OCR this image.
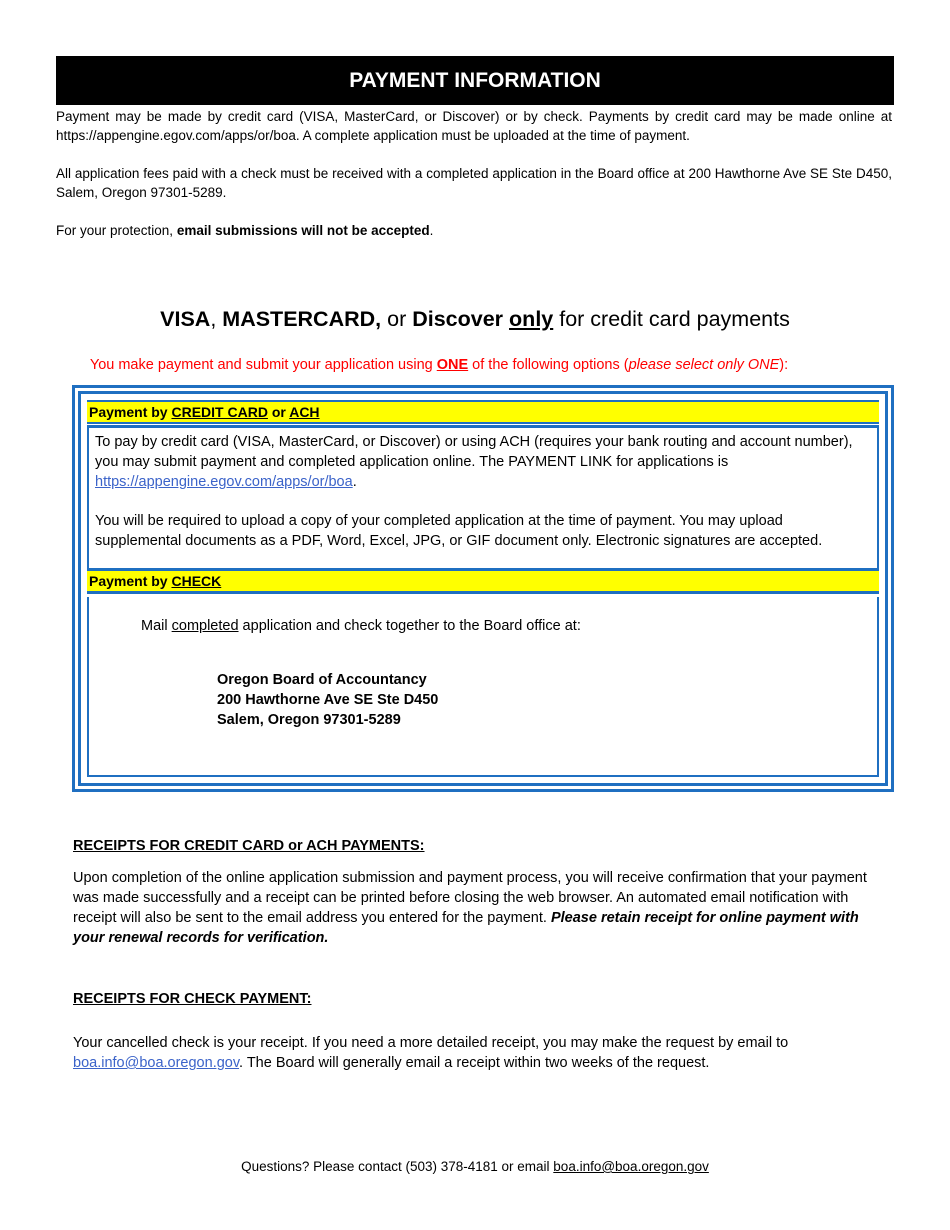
PAYMENT INFORMATION

Payment may be made by credit card (VISA, MasterCard, or Discover) or by check. Payments by credit card may be made online at https://appengine.egov.com/apps/or/boa. A complete application must be uploaded at the time of payment.

All application fees paid with a check must be received with a completed application in the Board office at 200 Hawthorne Ave SE Ste D450, Salem, Oregon 97301-5289.

For your protection, email submissions will not be accepted.

VISA, MASTERCARD, or Discover only for credit card payments
You make payment and submit your application using ONE of the following options (please select only ONE):
Payment by CREDIT CARD or ACH

To pay by credit card (VISA, MasterCard, or Discover) or using ACH (requires your bank routing and account number), you may submit payment and completed application online. The PAYMENT LINK for applications is https://appengine.egov.com/apps/or/boa.

You will be required to upload a copy of your completed application at the time of payment. You may upload supplemental documents as a PDF, Word, Excel, JPG, or GIF document only. Electronic signatures are accepted.

Payment by CHECK

Mail completed application and check together to the Board office at:

Oregon Board of Accountancy
200 Hawthorne Ave SE Ste D450
Salem, Oregon 97301-5289
RECEIPTS FOR CREDIT CARD or ACH PAYMENTS:

Upon completion of the online application submission and payment process, you will receive confirmation that your payment was made successfully and a receipt can be printed before closing the web browser. An automated email notification with receipt will also be sent to the email address you entered for the payment. Please retain receipt for online payment with your renewal records for verification.

RECEIPTS FOR CHECK PAYMENT:

Your cancelled check is your receipt. If you need a more detailed receipt, you may make the request by email to boa.info@boa.oregon.gov. The Board will generally email a receipt within two weeks of the request.

Questions? Please contact (503) 378-4181 or email boa.info@boa.oregon.gov
